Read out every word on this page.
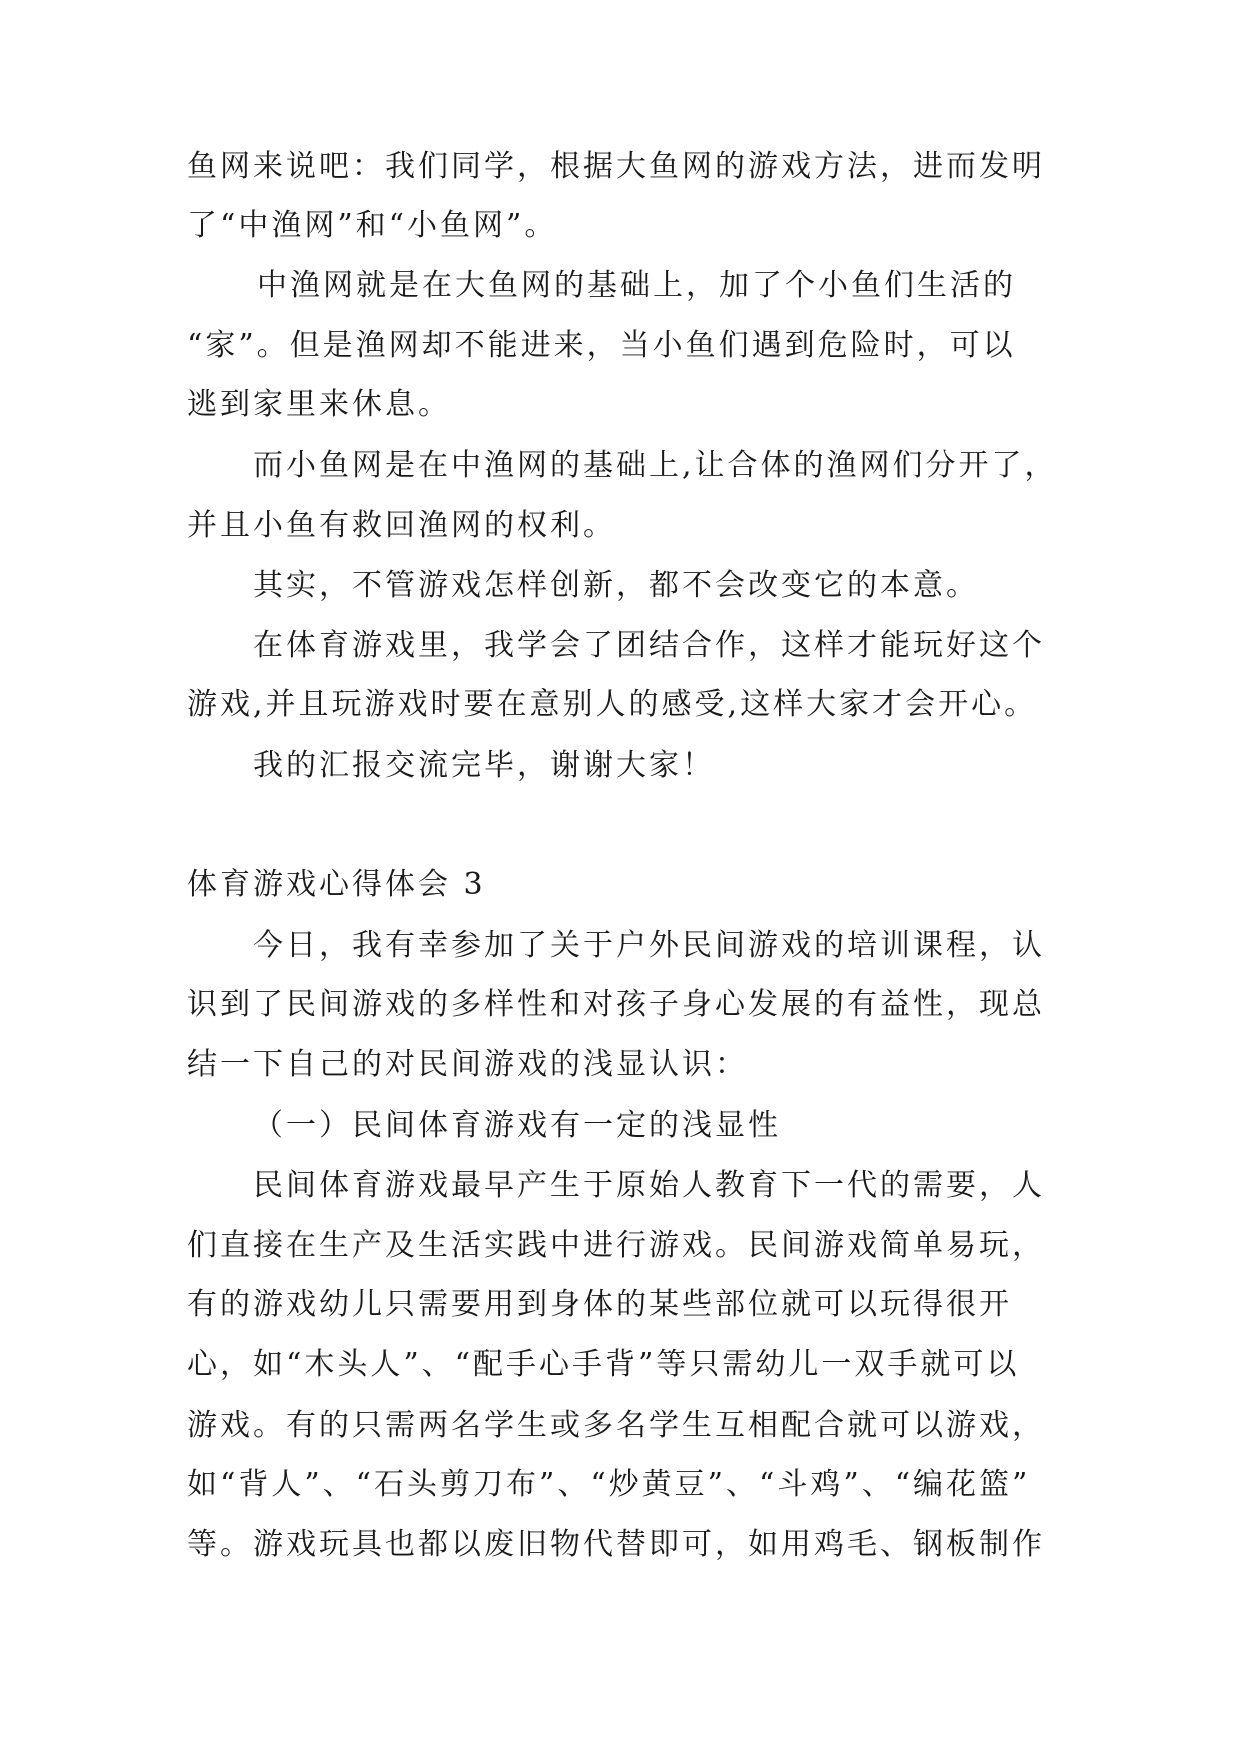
鱼网来说吧：我们同学，根据大鱼网的游戏方法，进而发明

了“中渔网”和“小鱼网”。

中渔网就是在大鱼网的基础上，加了个小鱼们生活的

“家”。但是渔网却不能进来，当小鱼们遇到危险时，可以

逃到家里来休息。

而小鱼网是在中渔网的基础上,让合体的渔网们分开了，

并且小鱼有救回渔网的权利。

其实，不管游戏怎样创新，都不会改变它的本意。

在体育游戏里，我学会了团结合作，这样才能玩好这个

游戏,并且玩游戏时要在意别人的感受,这样大家才会开心。

我的汇报交流完毕，谢谢大家！

体育游戏心得体会 3

今日，我有幸参加了关于户外民间游戏的培训课程，认

识到了民间游戏的多样性和对孩子身心发展的有益性，现总

结一下自己的对民间游戏的浅显认识：

（一）民间体育游戏有一定的浅显性

民间体育游戏最早产生于原始人教育下一代的需要，人

们直接在生产及生活实践中进行游戏。民间游戏简单易玩，

有的游戏幼儿只需要用到身体的某些部位就可以玩得很开

心，如“木头人”、“配手心手背”等只需幼儿一双手就可以

游戏。有的只需两名学生或多名学生互相配合就可以游戏，

如“背人”、“石头剪刀布”、“炒黄豆”、“斗鸡”、“编花篮”

等。游戏玩具也都以废旧物代替即可，如用鸡毛、钢板制作
